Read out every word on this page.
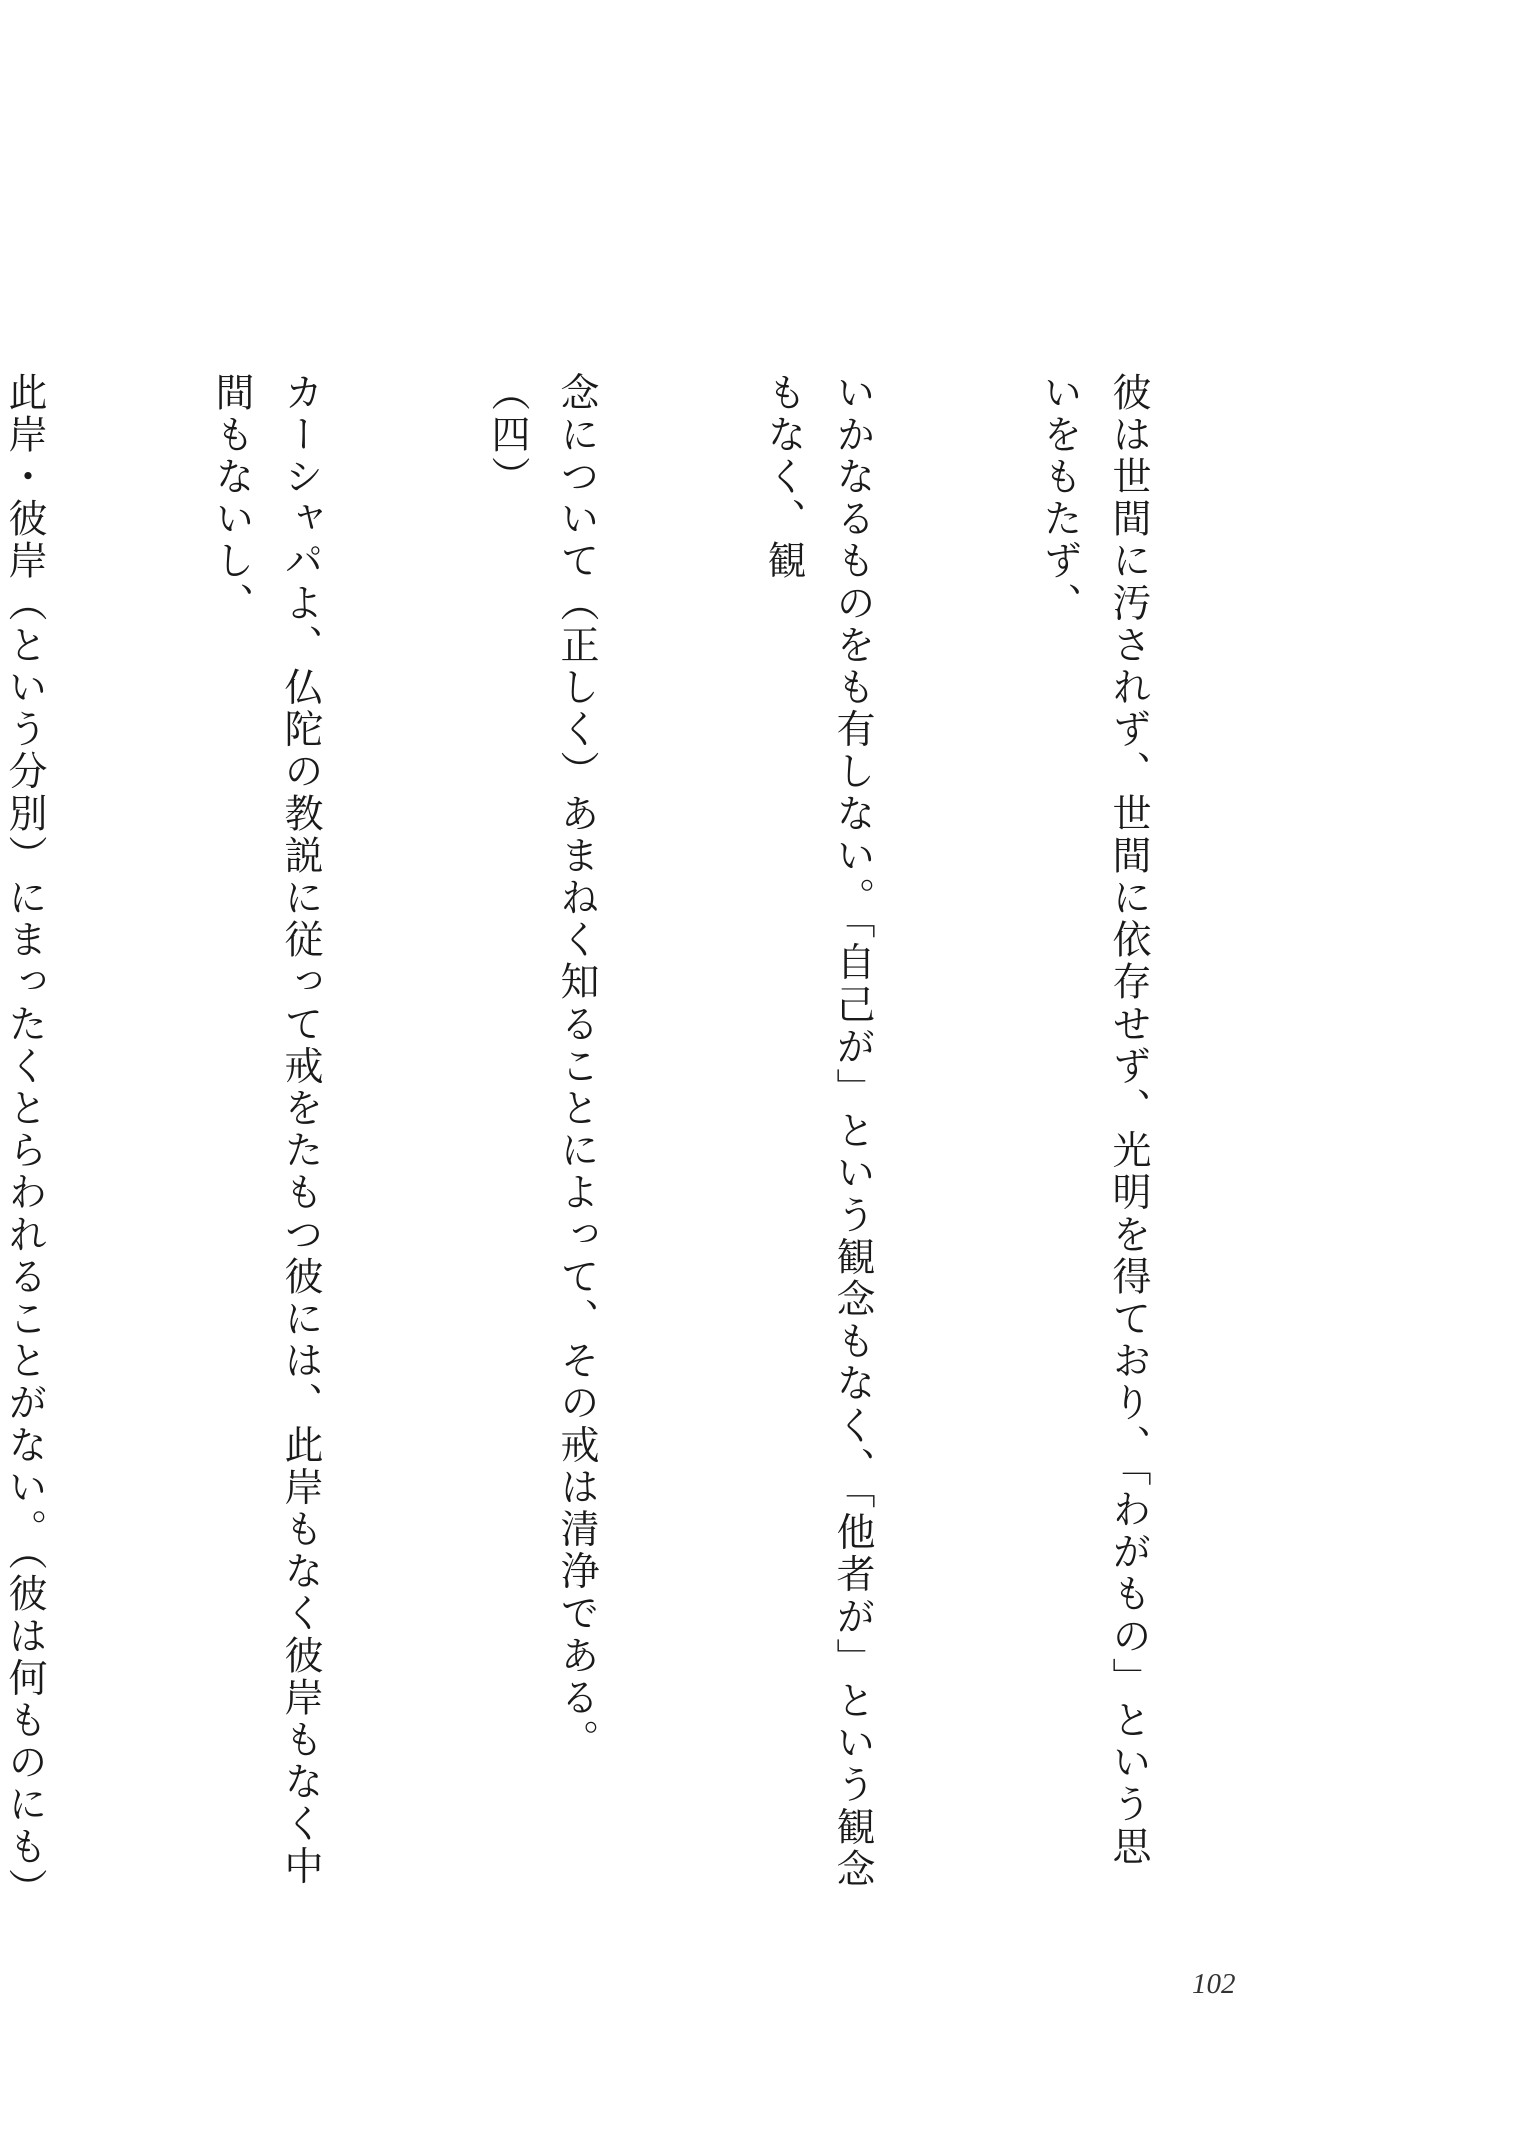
彼は世間に汚されず、世間に依存せず、光明を得ており、「わがもの」という思いをもたず、

いかなるものをも有しない。「自己が」という観念もなく、「他者が」という観念もなく、観

念について（正しく）あまねく知ることによって、その戒は清浄である。　　　　　　（四）

カーシャパよ、仏陀の教説に従って戒をたもつ彼には、此岸もなく彼岸もなく中間もないし、

此岸・彼岸（という分別）にまったくとらわれることがない。（彼は何ものにも）

102
